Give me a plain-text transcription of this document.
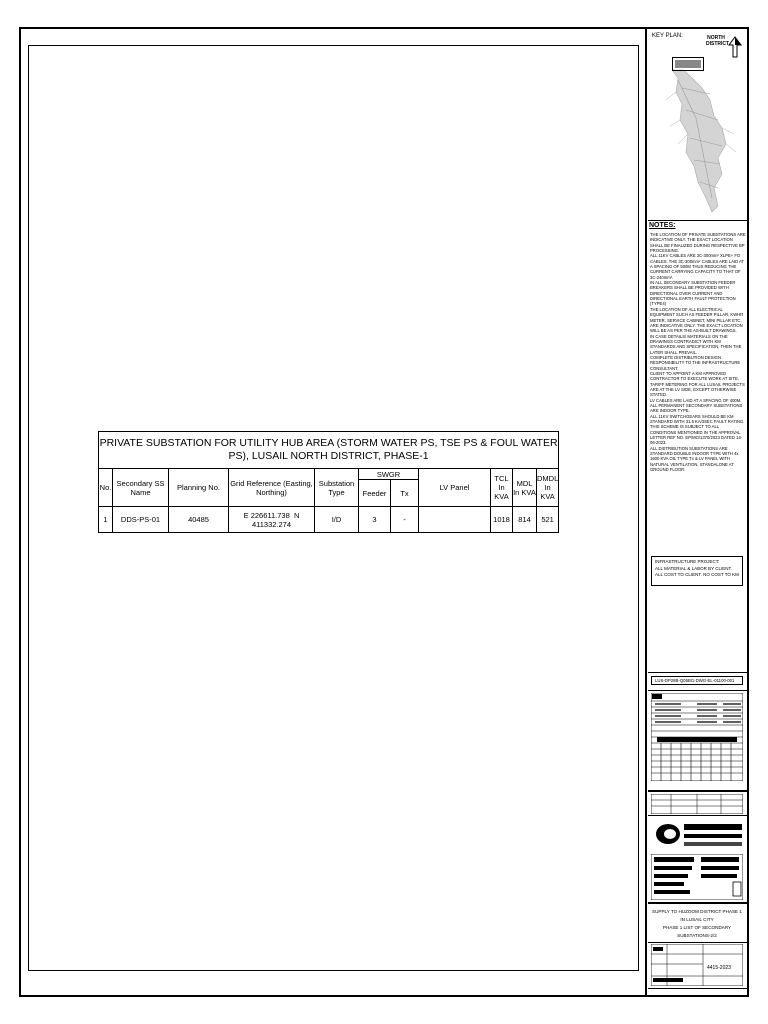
KEY PLAN:	NORTH DISTRICT
NOTES:

THE LOCATION OF PRIVATE SUBSTATIONS ARE INDICATIVE ONLY. THE EXACT LOCATION SHALL BE FINALIZED DURING RESPECTIVE BP PROCESSING.

ALL 11KV CABLES ARE 3C-300mm² XLPE+ FO CABLES. THE 3C-300mm² CABLES ARE LAID AT A SPACING OF 500M THUS REDUCING THE CURRENT CARRYING CAPACITY TO THAT OF 3C-240mm².

IN ALL SECONDARY SUBSTATION FEEDER BREAKERS SHALL BE PROVIDED WITH DIRECTIONAL OVER CURRENT AND DIRECTIONAL EARTH FAULT PROTECTION (TYPE4)

THE LOCATION OF ALL ELECTRICAL EQUIPMENT SUCH AS FEEDER PILLAR, KWHR METER, SERVICE CABINET, MINI PILLAR ETC. ARE INDICATIVE ONLY. THE EXACT LOCATION WILL BE AS PER THE AS-BUILT DRAWINGS.

IN CASE DETAILS/ MATERIALS ON THE DRAWINGS CONTRADICT WITH KM STANDARDS AND SPECIFICATION, THEN THE LATER SHALL PREVAIL.

COMPLETE DISTRIBUTION DESIGN RESPONSIBILITY TO THE INFRASTRUCTURE CONSULTANT.

CLIENT TO APPOINT A KM APPROVED CONTRACTOR TO EXECUTE WORK AT SITE.

TARIFF METERING FOR ALL LUSAIL PROJECTS ARE AT THE LV SIDE, EXCEPT OTHERWISE STATED.

LV CABLES ARE LAID AT A SPACING OF 400M.

ALL PERMANENT SECONDARY SUBSTATIONS ARE INDOOR TYPE.

ALL 11KV SWITCHGEARS SHOULD BE KM STANDARD WITH 31.5 KA/3SEC FAULT RATING.

THIS SCHEME IS SUBJECT TO ALL CONDITIONS MENTIONED IN THE APPROVAL LETTER REF NO. EP/MO/1370/2023 DATED 14-06-2023.

ALL DISTRIBUTION SUBSTATIONS ARE STANDARD DOUBLE INDOOR TYPE WITH 4x 1600 KVA OIL TYPE Tx & LV PANEL WITH NATURAL VENTILATION, STANDALONE AT GROUND FLOOR.

INFRASTRUCTURE PROJECT:
ALL MATERIAL & LABOR BY CLIENT.
ALL COST TO CLIENT. NO COST TO KM
LUS-DP28B-Q05BG-DWG-EL-01100-001
SUPPLY TO HUZOOM DISTRICT PHASE 1
IN LUSAIL CITY
PHASE 1 LIST OF SECONDARY SUBSTATIONS-2/2
4415-2023
PRIVATE SUBSTATION FOR UTILITY HUB AREA (STORM WATER PS, TSE PS & FOUL WATER PS), LUSAIL NORTH DISTRICT, PHASE-1										
No.	Secondary SS Name	Planning No.	Grid Reference (Easting, Northing)	Substation Type	SWGR		LV Panel	TCL In KVA	MDL In KVA	DMDL In KVA
					Feeder	Tx				
1	DDS-PS-01	40485	E 226611.738 N 411332.274	I/D	3	-		1018	814	521
